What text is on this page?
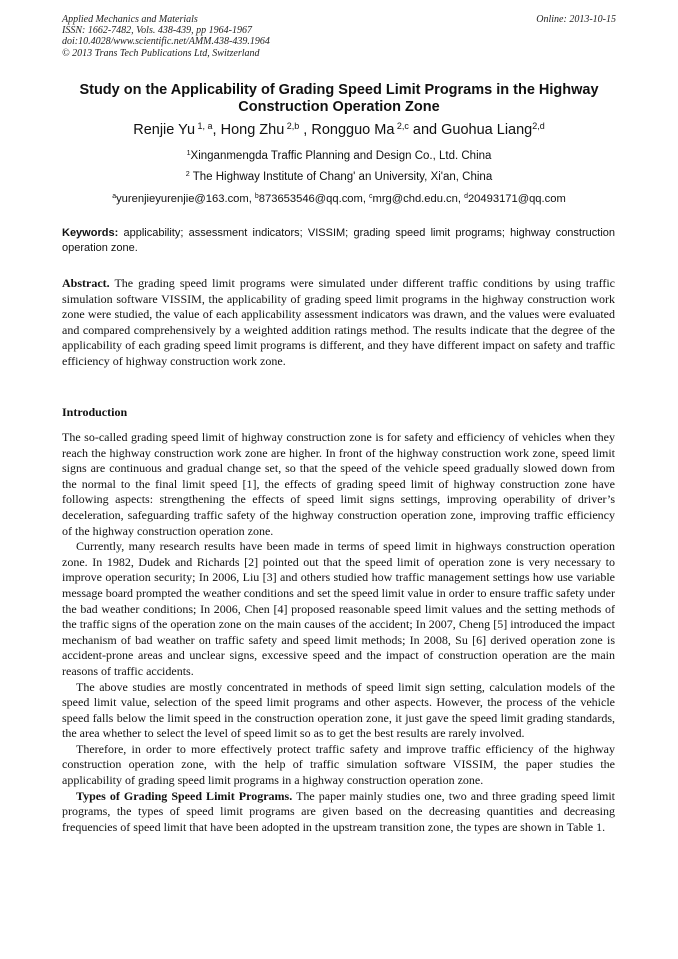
Applied Mechanics and Materials
ISSN: 1662-7482, Vols. 438-439, pp 1964-1967
doi:10.4028/www.scientific.net/AMM.438-439.1964
© 2013 Trans Tech Publications Ltd, Switzerland
Online: 2013-10-15
Study on the Applicability of Grading Speed Limit Programs in the Highway Construction Operation Zone
Renjie Yu $^{1, a}$, Hong Zhu $^{2,b}$ , Rongguo Ma $^{2,c}$ and Guohua Liang$^{2,d}$
$^1$Xinganmengda Traffic Planning and Design Co., Ltd. China
$^2$ The Highway Institute of Chang' an University, Xi'an, China
$^a$yurenjieyurenjie@163.com, $^b$873653546@qq.com, $^c$mrg@chd.edu.cn, $^d$20493171@qq.com
Keywords: applicability; assessment indicators; VISSIM; grading speed limit programs; highway construction operation zone.

Abstract. The grading speed limit programs were simulated under different traffic conditions by using traffic simulation software VISSIM, the applicability of grading speed limit programs in the highway construction work zone were studied, the value of each applicability assessment indicators was drawn, and the values were evaluated and compared comprehensively by a weighted addition ratings method. The results indicate that the degree of the applicability of each grading speed limit programs is different, and they have different impact on safety and traffic efficiency of highway construction work zone.

Introduction

The so-called grading speed limit of highway construction zone is for safety and efficiency of vehicles when they reach the highway construction work zone are higher. In front of the highway construction work zone, speed limit signs are continuous and gradual change set, so that the speed of the vehicle speed gradually slowed down from the normal to the final limit speed [1], the effects of grading speed limit of highway construction zone have following aspects: strengthening the effects of speed limit signs settings, improving operability of driver’s deceleration, safeguarding traffic safety of the highway construction operation zone, improving traffic efficiency of the highway construction operation zone.

Currently, many research results have been made in terms of speed limit in highways construction operation zone. In 1982, Dudek and Richards [2] pointed out that the speed limit of operation zone is very necessary to improve operation security; In 2006, Liu [3] and others studied how traffic management settings how use variable message board prompted the weather conditions and set the speed limit value in order to ensure traffic safety under the bad weather conditions; In 2006, Chen [4] proposed reasonable speed limit values and the setting methods of the traffic signs of the operation zone on the main causes of the accident; In 2007, Cheng [5] introduced the impact mechanism of bad weather on traffic safety and speed limit methods; In 2008, Su [6] derived operation zone is accident-prone areas and unclear signs, excessive speed and the impact of construction operation are the main reasons of traffic accidents.

The above studies are mostly concentrated in methods of speed limit sign setting, calculation models of the speed limit value, selection of the speed limit programs and other aspects. However, the process of the vehicle speed falls below the limit speed in the construction operation zone, it just gave the speed limit grading standards, the area whether to select the level of speed limit so as to get the best results are rarely involved.

Therefore, in order to more effectively protect traffic safety and improve traffic efficiency of the highway construction operation zone, with the help of traffic simulation software VISSIM, the paper studies the applicability of grading speed limit programs in a highway construction operation zone.

Types of Grading Speed Limit Programs. The paper mainly studies one, two and three grading speed limit programs, the types of speed limit programs are given based on the decreasing quantities and decreasing frequencies of speed limit that have been adopted in the upstream transition zone, the types are shown in Table 1.
